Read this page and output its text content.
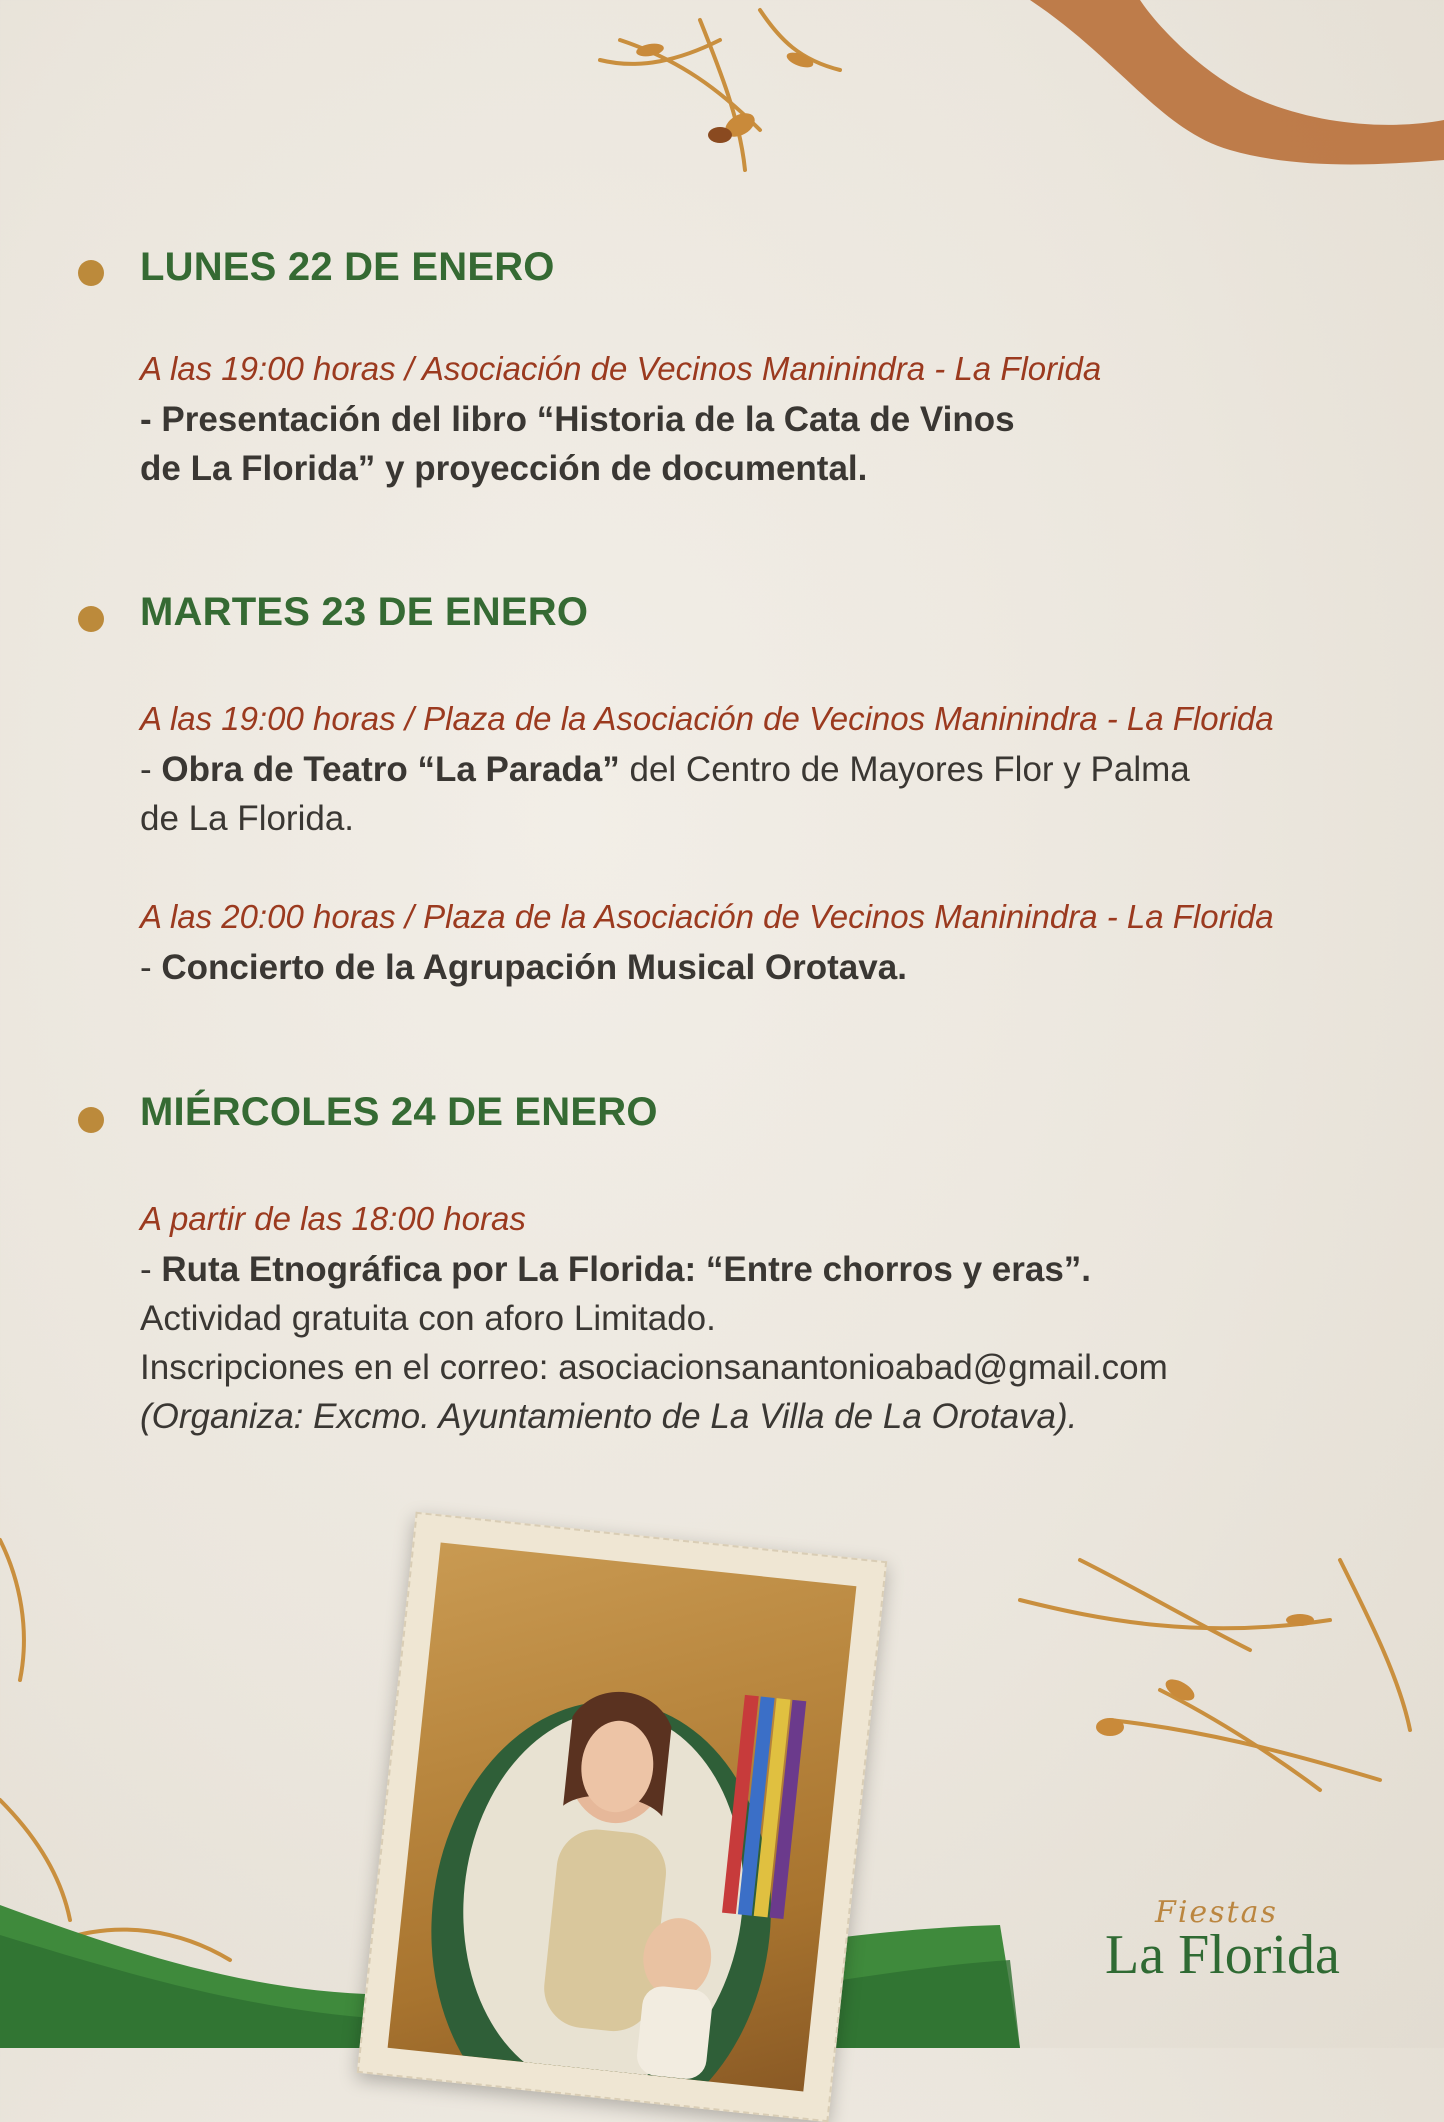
LUNES 22 DE ENERO
A las 19:00 horas / Asociación de Vecinos Maninindra - La Florida
- Presentación del libro “Historia de la Cata de Vinos
de La Florida” y proyección de documental.
MARTES 23 DE ENERO
A las 19:00 horas / Plaza de la Asociación de Vecinos Maninindra - La Florida
- Obra de Teatro “La Parada” del Centro de Mayores Flor y Palma
de La Florida.
A las 20:00 horas / Plaza de la Asociación de Vecinos Maninindra - La Florida
- Concierto de la Agrupación Musical Orotava.
MIÉRCOLES 24 DE ENERO
A partir de las 18:00 horas
- Ruta Etnográfica por La Florida: “Entre chorros y eras”.
Actividad gratuita con aforo Limitado.
Inscripciones en el correo: asociacionsanantonioabad@gmail.com
(Organiza: Excmo. Ayuntamiento de La Villa de La Orotava).
Fiestas
La Florida
